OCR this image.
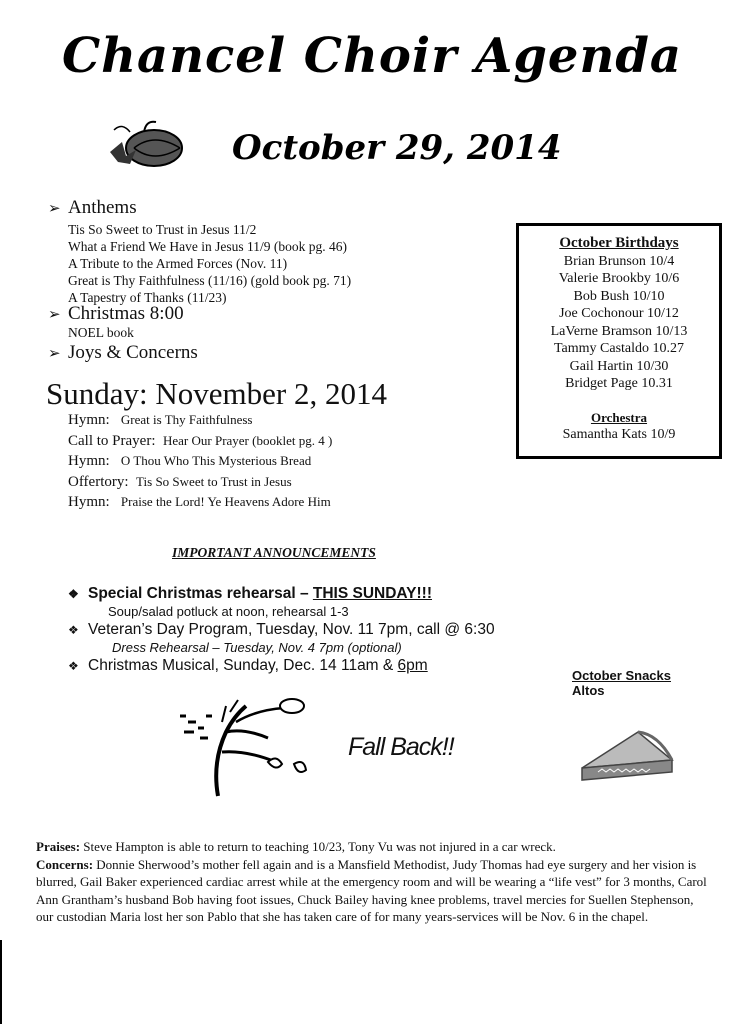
Chancel Choir Agenda
October 29, 2014
➢ Anthems
Tis So Sweet to Trust in Jesus 11/2
What a Friend We Have in Jesus 11/9 (book pg. 46)
A Tribute to the Armed Forces (Nov. 11)
Great is Thy Faithfulness (11/16) (gold book pg. 71)
A Tapestry of Thanks (11/23)
➢ Christmas 8:00
NOEL book
➢ Joys & Concerns
Sunday: November 2, 2014
Hymn: Great is Thy Faithfulness
Call to Prayer: Hear Our Prayer (booklet pg. 4 )
Hymn: O Thou Who This Mysterious Bread
Offertory: Tis So Sweet to Trust in Jesus
Hymn: Praise the Lord! Ye Heavens Adore Him
October Birthdays
Brian Brunson 10/4
Valerie Brookby 10/6
Bob Bush 10/10
Joe Cochonour 10/12
LaVerne Bramson 10/13
Tammy Castaldo 10.27
Gail Hartin 10/30
Bridget Page 10.31
Orchestra
Samantha Kats 10/9
IMPORTANT ANNOUNCEMENTS
❖ Special Christmas rehearsal – THIS SUNDAY!!!
Soup/salad potluck at noon, rehearsal 1-3
❖ Veteran’s Day Program, Tuesday, Nov. 11 7pm, call @ 6:30
Dress Rehearsal – Tuesday, Nov. 4 7pm (optional)
❖ Christmas Musical, Sunday, Dec. 14 11am & 6pm
October Snacks
Altos
Fall Back!!
Praises: Steve Hampton is able to return to teaching 10/23, Tony Vu was not injured in a car wreck.
Concerns: Donnie Sherwood’s mother fell again and is a Mansfield Methodist, Judy Thomas had eye surgery and her vision is blurred, Gail Baker experienced cardiac arrest while at the emergency room and will be wearing a “life vest” for 3 months, Carol Ann Grantham’s husband Bob having foot issues, Chuck Bailey having knee problems, travel mercies for Suellen Stephenson, our custodian Maria lost her son Pablo that she has taken care of for many years-services will be Nov. 6 in the chapel.
